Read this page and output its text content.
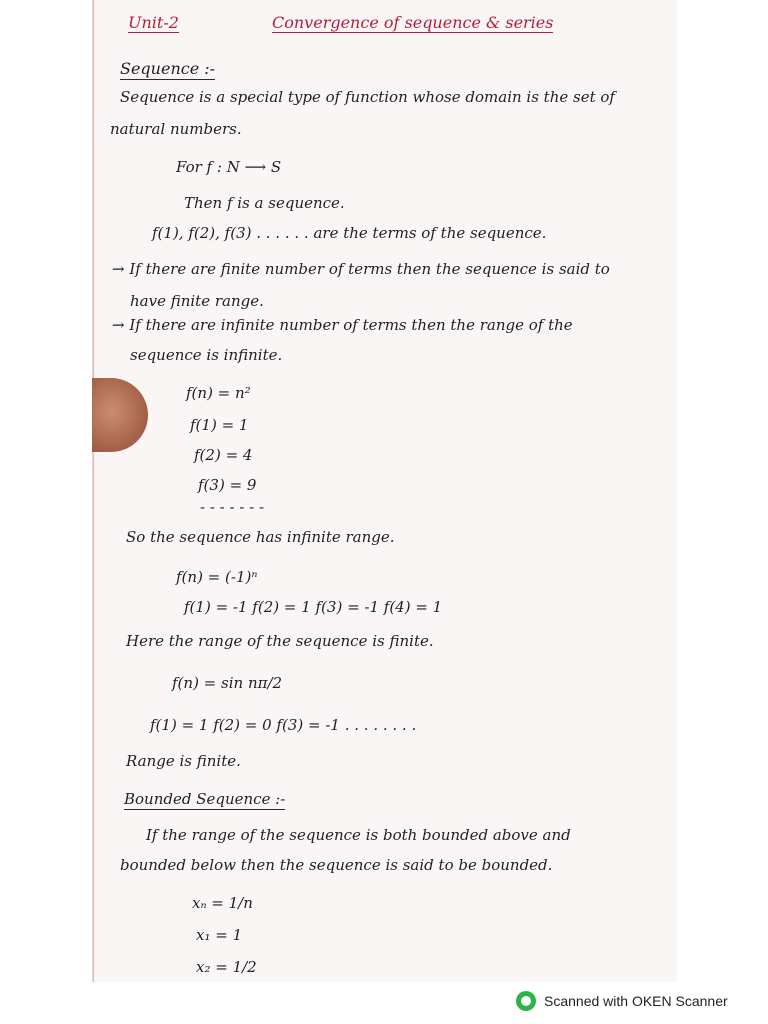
Unit-2	Convergence of sequence & series
Sequence :-
Sequence is a special type of function whose domain is the set of
natural numbers.
For f : N ⟶ S
Then f is a sequence.
f(1), f(2), f(3) . . . . . . are the terms of the sequence.
→ If there are finite number of terms then the sequence is said to
have finite range.
→ If there are infinite number of terms then the range of the
sequence is infinite.
f(n) = n²
f(1) = 1
f(2) = 4
f(3) = 9
- - - - - - -
So the sequence has infinite range.
f(n) = (-1)ⁿ
f(1) = -1 f(2) = 1 f(3) = -1 f(4) = 1
Here the range of the sequence is finite.
f(n) = sin nπ/2
f(1) = 1 f(2) = 0 f(3) = -1 . . . . . . . .
Range is finite.
Bounded Sequence :-
If the range of the sequence is both bounded above and
bounded below then the sequence is said to be bounded.
xₙ = 1/n
x₁ = 1
x₂ = 1/2
Scanned with OKEN Scanner
